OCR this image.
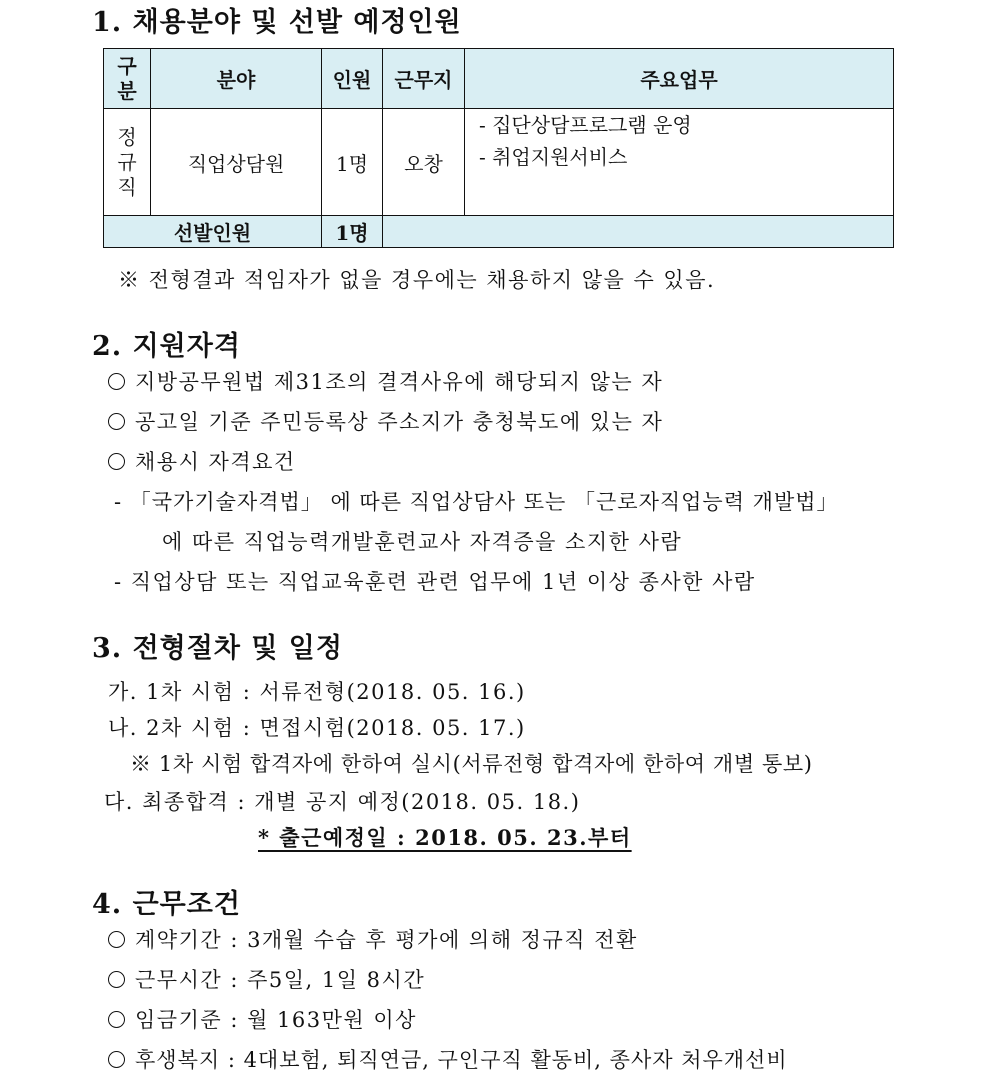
1. 채용분야 및 선발 예정인원
구
분	분야	인원	근무지	주요업무
정
규
직
직업상담원	1명	오창
- 집단상담프로그램 운영
- 취업지원서비스
선발인원	1명
※ 전형결과 적임자가 없을 경우에는 채용하지 않을 수 있음.
2. 지원자격
지방공무원법 제31조의 결격사유에 해당되지 않는 자
공고일 기준 주민등록상 주소지가 충청북도에 있는 자
채용시 자격요건
- 「국가기술자격법」 에 따른 직업상담사 또는 「근로자직업능력 개발법」
에 따른 직업능력개발훈련교사 자격증을 소지한 사람
- 직업상담 또는 직업교육훈련 관련 업무에 1년 이상 종사한 사람
3. 전형절차 및 일정
가. 1차 시험 : 서류전형(2018. 05. 16.)
나. 2차 시험 : 면접시험(2018. 05. 17.)
※ 1차 시험 합격자에 한하여 실시(서류전형 합격자에 한하여 개별 통보)
다. 최종합격 : 개별 공지 예정(2018. 05. 18.)
* 출근예정일 : 2018. 05. 23.부터
4. 근무조건
계약기간 : 3개월 수습 후 평가에 의해 정규직 전환
근무시간 : 주5일, 1일 8시간
임금기준 : 월 163만원 이상
후생복지 : 4대보험, 퇴직연금, 구인구직 활동비, 종사자 처우개선비
